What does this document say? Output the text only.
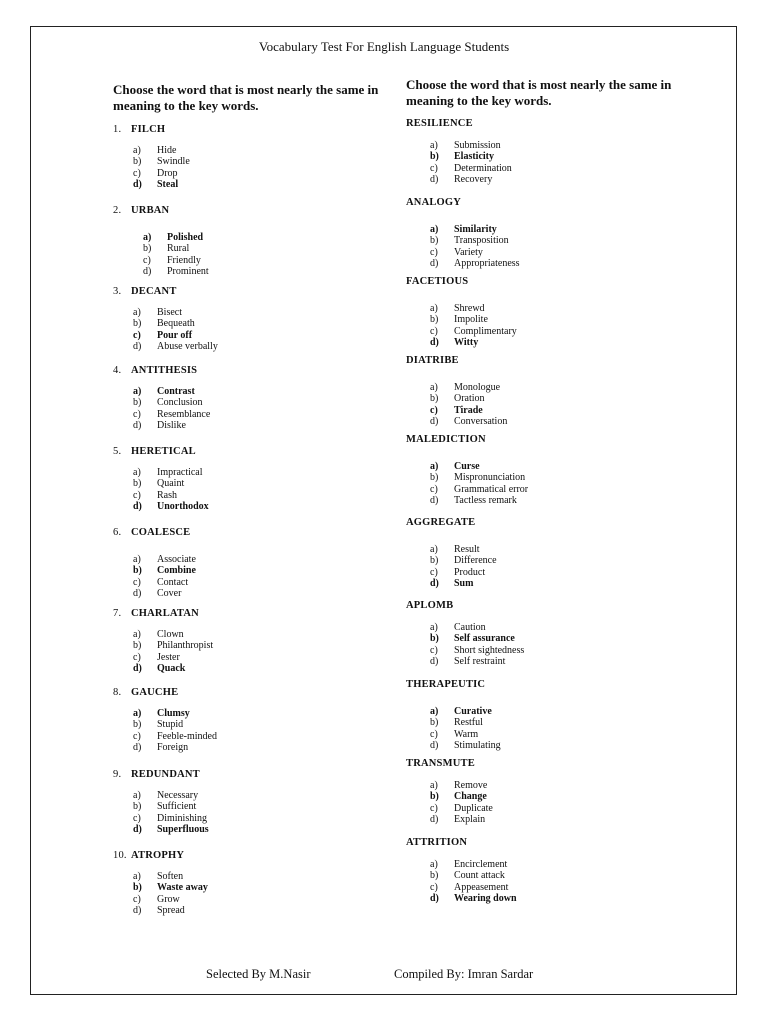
Vocabulary Test For English Language Students
Choose the word that is most nearly the same in meaning to the key words.
Choose the word that is most nearly the same in meaning to the key words.
1. FILCH
a) Hide
b) Swindle
c) Drop
d) Steal
2. URBAN
a) Polished
b) Rural
c) Friendly
d) Prominent
3. DECANT
a) Bisect
b) Bequeath
c) Pour off
d) Abuse verbally
4. ANTITHESIS
a) Contrast
b) Conclusion
c) Resemblance
d) Dislike
5. HERETICAL
a) Impractical
b) Quaint
c) Rash
d) Unorthodox
6. COALESCE
a) Associate
b) Combine
c) Contact
d) Cover
7. CHARLATAN
a) Clown
b) Philanthropist
c) Jester
d) Quack
8. GAUCHE
a) Clumsy
b) Stupid
c) Feeble-minded
d) Foreign
9. REDUNDANT
a) Necessary
b) Sufficient
c) Diminishing
d) Superfluous
10. ATROPHY
a) Soften
b) Waste away
c) Grow
d) Spread
RESILIENCE
a) Submission
b) Elasticity
c) Determination
d) Recovery
ANALOGY
a) Similarity
b) Transposition
c) Variety
d) Appropriateness
FACETIOUS
a) Shrewd
b) Impolite
c) Complimentary
d) Witty
DIATRIBE
a) Monologue
b) Oration
c) Tirade
d) Conversation
MALEDICTION
a) Curse
b) Mispronunciation
c) Grammatical error
d) Tactless remark
AGGREGATE
a) Result
b) Difference
c) Product
d) Sum
APLOMB
a) Caution
b) Self assurance
c) Short sightedness
d) Self restraint
THERAPEUTIC
a) Curative
b) Restful
c) Warm
d) Stimulating
TRANSMUTE
a) Remove
b) Change
c) Duplicate
d) Explain
ATTRITION
a) Encirclement
b) Count attack
c) Appeasement
d) Wearing down
Selected By M.Nasir	Compiled By: Imran Sardar
